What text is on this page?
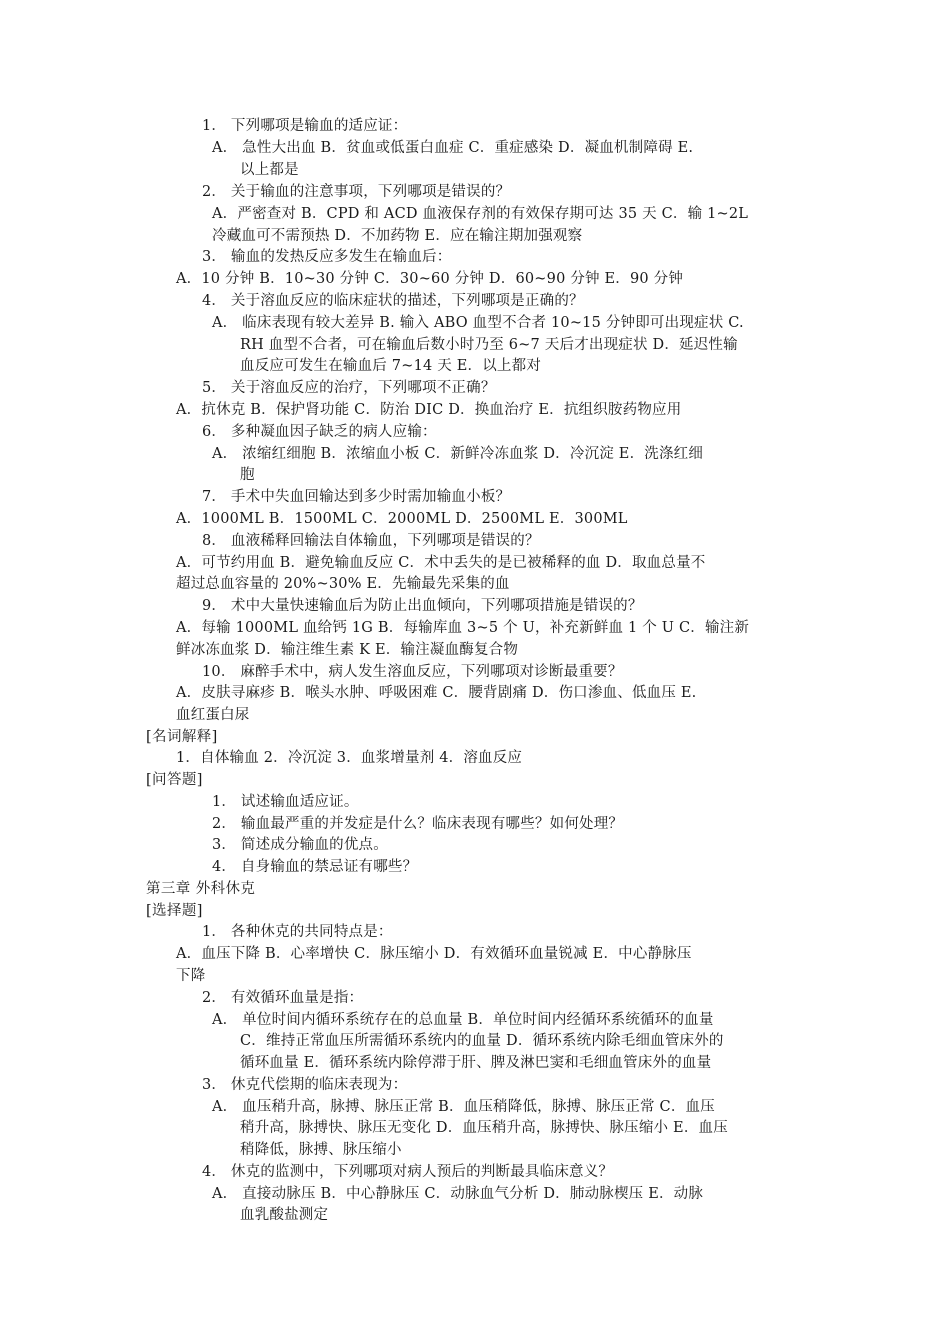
1． 下列哪项是输血的适应证：
A． 急性大出血 B．贫血或低蛋白血症 C．重症感染 D．凝血机制障碍 E.
以上都是
2． 关于输血的注意事项，下列哪项是错误的？
A．严密查对 B．CPD 和 ACD 血液保存剂的有效保存期可达 35 天 C．输 1~2L
冷藏血可不需预热 D．不加药物 E．应在输注期加强观察
3． 输血的发热反应多发生在输血后：
A．10 分钟 B．10~30 分钟 C．30~60 分钟 D．60~90 分钟 E．90 分钟
4． 关于溶血反应的临床症状的描述，下列哪项是正确的？
A． 临床表现有较大差异 B. 输入 ABO 血型不合者 10~15 分钟即可出现症状 C.
RH 血型不合者，可在输血后数小时乃至 6~7 天后才出现症状 D．延迟性输
血反应可发生在输血后 7~14 天 E．以上都对
5． 关于溶血反应的治疗，下列哪项不正确？
A．抗休克 B．保护肾功能 C．防治 DIC D．换血治疗 E．抗组织胺药物应用
6． 多种凝血因子缺乏的病人应输：
A． 浓缩红细胞 B．浓缩血小板 C．新鲜冷冻血浆 D．冷沉淀 E．洗涤红细
胞
7． 手术中失血回输达到多少时需加输血小板？
A．1000ML B．1500ML C．2000ML D．2500ML E．300ML
8． 血液稀释回输法自体输血，下列哪项是错误的？
A．可节约用血 B．避免输血反应 C．术中丢失的是已被稀释的血 D．取血总量不
超过总血容量的 20%~30% E．先输最先采集的血
9． 术中大量快速输血后为防止出血倾向，下列哪项措施是错误的？
A．每输 1000ML 血给钙 1G B．每输库血 3~5 个 U，补充新鲜血 1 个 U C．输注新
鲜冰冻血浆 D．输注维生素 K E．输注凝血酶复合物
10． 麻醉手术中，病人发生溶血反应，下列哪项对诊断最重要？
A．皮肤寻麻疹 B．喉头水肿、呼吸困难 C．腰背剧痛 D．伤口渗血、低血压 E.
血红蛋白尿
[名词解释]
1．自体输血 2．冷沉淀 3．血浆增量剂 4．溶血反应
[问答题]
1． 试述输血适应证。
2． 输血最严重的并发症是什么？临床表现有哪些？如何处理？
3． 简述成分输血的优点。
4． 自身输血的禁忌证有哪些？
第三章 外科休克
[选择题]
1． 各种休克的共同特点是：
A．血压下降 B．心率增快 C．脉压缩小 D．有效循环血量锐减 E．中心静脉压
下降
2． 有效循环血量是指：
A． 单位时间内循环系统存在的总血量 B．单位时间内经循环系统循环的血量
C．维持正常血压所需循环系统内的血量 D．循环系统内除毛细血管床外的
循环血量 E．循环系统内除停滞于肝、脾及淋巴窦和毛细血管床外的血量
3． 休克代偿期的临床表现为：
A． 血压稍升高，脉搏、脉压正常 B．血压稍降低，脉搏、脉压正常 C．血压
稍升高，脉搏快、脉压无变化 D．血压稍升高，脉搏快、脉压缩小 E．血压
稍降低，脉搏、脉压缩小
4． 休克的监测中，下列哪项对病人预后的判断最具临床意义？
A． 直接动脉压 B．中心静脉压 C．动脉血气分析 D．肺动脉楔压 E．动脉
血乳酸盐测定
